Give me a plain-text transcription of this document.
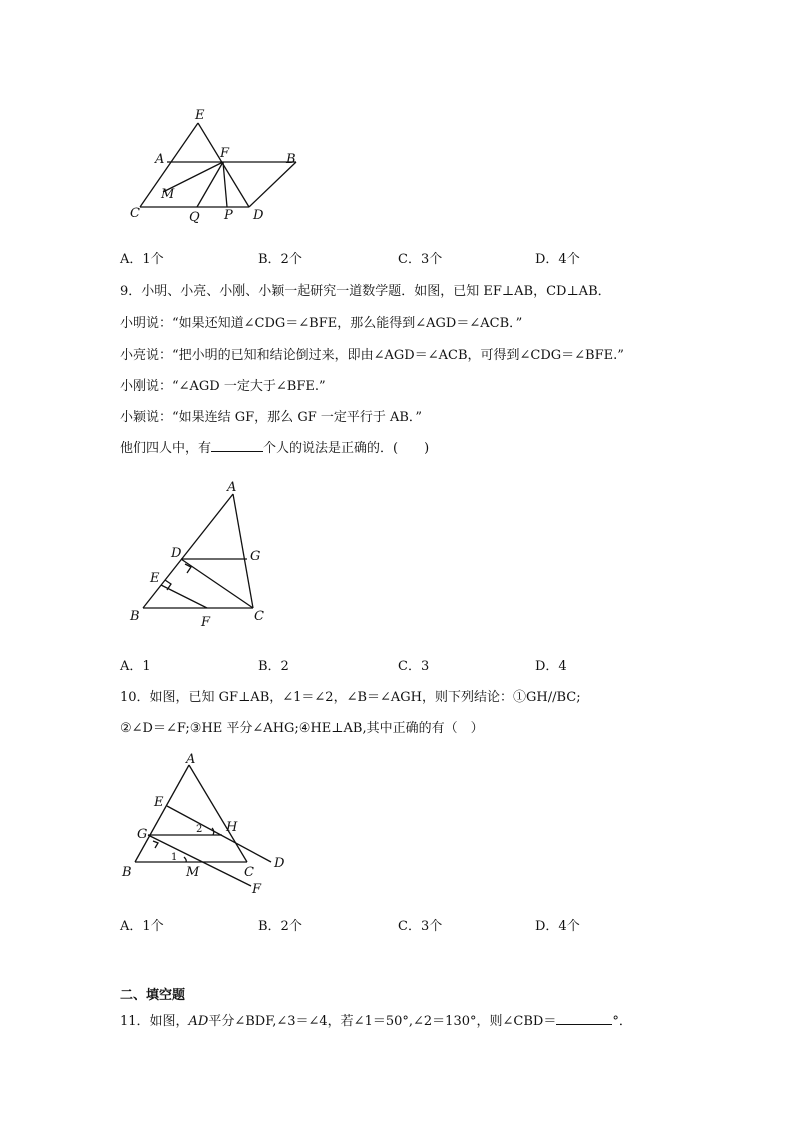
E
A	F	B
M
C	Q P D
A．1个	B．2个	C．3个	D．4个
9．小明、小亮、小刚、小颖一起研究一道数学题．如图，已知 EF⊥AB，CD⊥AB．
小明说：“如果还知道∠CDG＝∠BFE，那么能得到∠AGD＝∠ACB．”
小亮说：“把小明的已知和结论倒过来，即由∠AGD＝∠ACB，可得到∠CDG＝∠BFE.”
小刚说：“∠AGD 一定大于∠BFE.”
小颖说：“如果连结 GF，那么 GF 一定平行于 AB．”
他们四人中，有	个人的说法是正确的．(　　)
A
D	G
E
B	F	C
A．1	B．2	C．3	D．4
10．如图，已知 GF⊥AB，∠1＝∠2，∠B＝∠AGH，则下列结论：①GH//BC;
②∠D＝∠F;③HE 平分∠AHG;④HE⊥AB,其中正确的有（　）
A
E
G	H
D
B	M	C
F
1
2
A．1个	B．2个	C．3个	D．4个
二、填空题
11．如图，AD平分∠BDF,∠3＝∠4，若∠1＝50°,∠2＝130°，则∠CBD＝	°．
